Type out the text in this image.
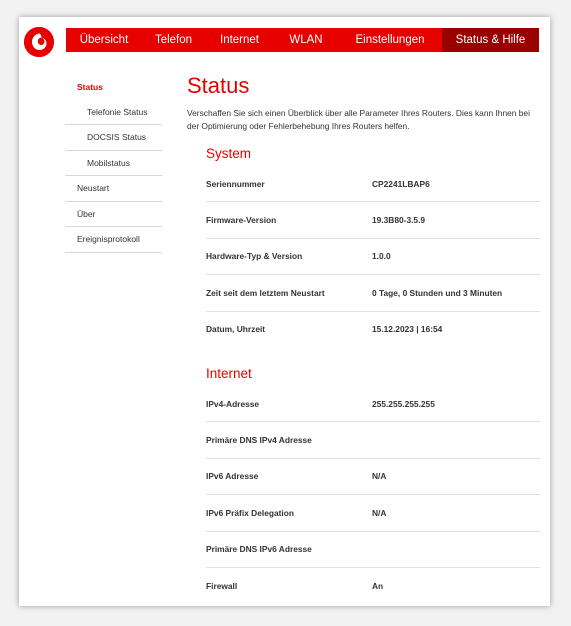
Übersicht	Telefon	Internet	WLAN	Einstellungen	Status & Hilfe
Status
Telefonie Status
DOCSIS Status
Mobilstatus
Neustart
Über
Ereignisprotokoll
Status
Verschaffen Sie sich einen Überblick über alle Parameter Ihres Routers. Dies kann Ihnen bei der Optimierung oder Fehlerbehebung Ihres Routers helfen.
System
Seriennummer	CP2241LBAP6
Firmware-Version	19.3B80-3.5.9
Hardware-Typ & Version	1.0.0
Zeit seit dem letztem Neustart	0 Tage, 0 Stunden und 3 Minuten
Datum, Uhrzeit	15.12.2023 | 16:54
Internet
IPv4-Adresse	255.255.255.255
Primäre DNS IPv4 Adresse
IPv6 Adresse	N/A
IPv6 Präfix Delegation	N/A
Primäre DNS IPv6 Adresse
Firewall	An
